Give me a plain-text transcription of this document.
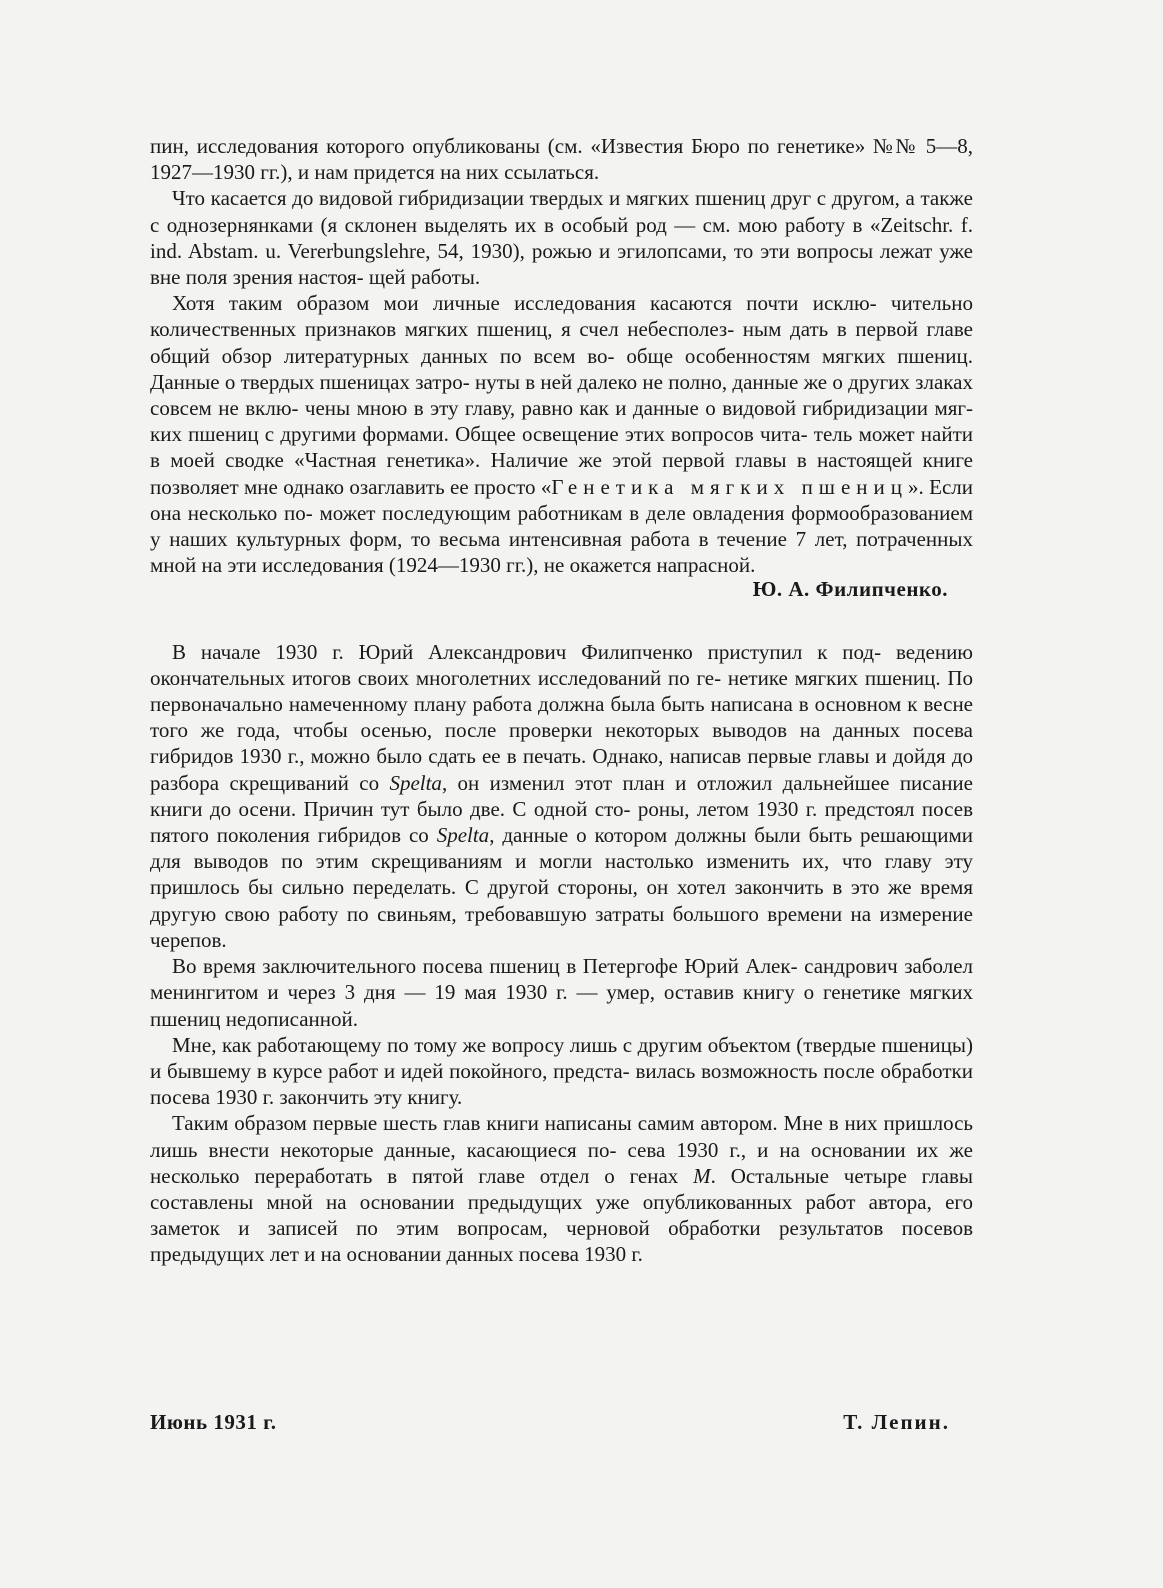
пин, исследования которого опубликованы (см. «Известия Бюро по генетике» №№ 5—8, 1927—1930 гг.), и нам придется на них ссылаться.

Что касается до видовой гибридизации твердых и мягких пшениц друг с другом, а также с однозернянками (я склонен выделять их в особый род — см. мою работу в «Zeitschr. f. ind. Abstam. u. Vererbungslehre, 54, 1930), рожью и эгилопсами, то эти вопросы лежат уже вне поля зрения настоя- щей работы.

Хотя таким образом мои личные исследования касаются почти исклю- чительно количественных признаков мягких пшениц, я счел небесполез- ным дать в первой главе общий обзор литературных данных по всем во- обще особенностям мягких пшениц. Данные о твердых пшеницах затро- нуты в ней далеко не полно, данные же о других злаках совсем не вклю- чены мною в эту главу, равно как и данные о видовой гибридизации мяг- ких пшениц с другими формами. Общее освещение этих вопросов чита- тель может найти в моей сводке «Частная генетика». Наличие же этой первой главы в настоящей книге позволяет мне однако озаглавить ее просто «Генетика мягких пшениц». Если она несколько по- может последующим работникам в деле овладения формообразованием у наших культурных форм, то весьма интенсивная работа в течение 7 лет, потраченных мной на эти исследования (1924—1930 гг.), не окажется напрасной.

Ю. А. Филипченко.

В начале 1930 г. Юрий Александрович Филипченко приступил к под- ведению окончательных итогов своих многолетних исследований по ге- нетике мягких пшениц. По первоначально намеченному плану работа должна была быть написана в основном к весне того же года, чтобы осенью, после проверки некоторых выводов на данных посева гибридов 1930 г., можно было сдать ее в печать. Однако, написав первые главы и дойдя до разбора скрещиваний со Spelta, он изменил этот план и отложил дальнейшее писание книги до осени. Причин тут было две. С одной сто- роны, летом 1930 г. предстоял посев пятого поколения гибридов со Spelta, данные о котором должны были быть решающими для выводов по этим скрещиваниям и могли настолько изменить их, что главу эту пришлось бы сильно переделать. С другой стороны, он хотел закончить в это же время другую свою работу по свиньям, требовавшую затраты большого времени на измерение черепов.

Во время заключительного посева пшениц в Петергофе Юрий Алек- сандрович заболел менингитом и через 3 дня — 19 мая 1930 г. — умер, оставив книгу о генетике мягких пшениц недописанной.

Мне, как работающему по тому же вопросу лишь с другим объектом (твердые пшеницы) и бывшему в курсе работ и идей покойного, предста- вилась возможность после обработки посева 1930 г. закончить эту книгу.

Таким образом первые шесть глав книги написаны самим автором. Мне в них пришлось лишь внести некоторые данные, касающиеся по- сева 1930 г., и на основании их же несколько переработать в пятой главе отдел о генах M. Остальные четыре главы составлены мной на основании предыдущих уже опубликованных работ автора, его заметок и записей по этим вопросам, черновой обработки результатов посевов предыдущих лет и на основании данных посева 1930 г.

Июнь 1931 г.	Т. Лепин.
